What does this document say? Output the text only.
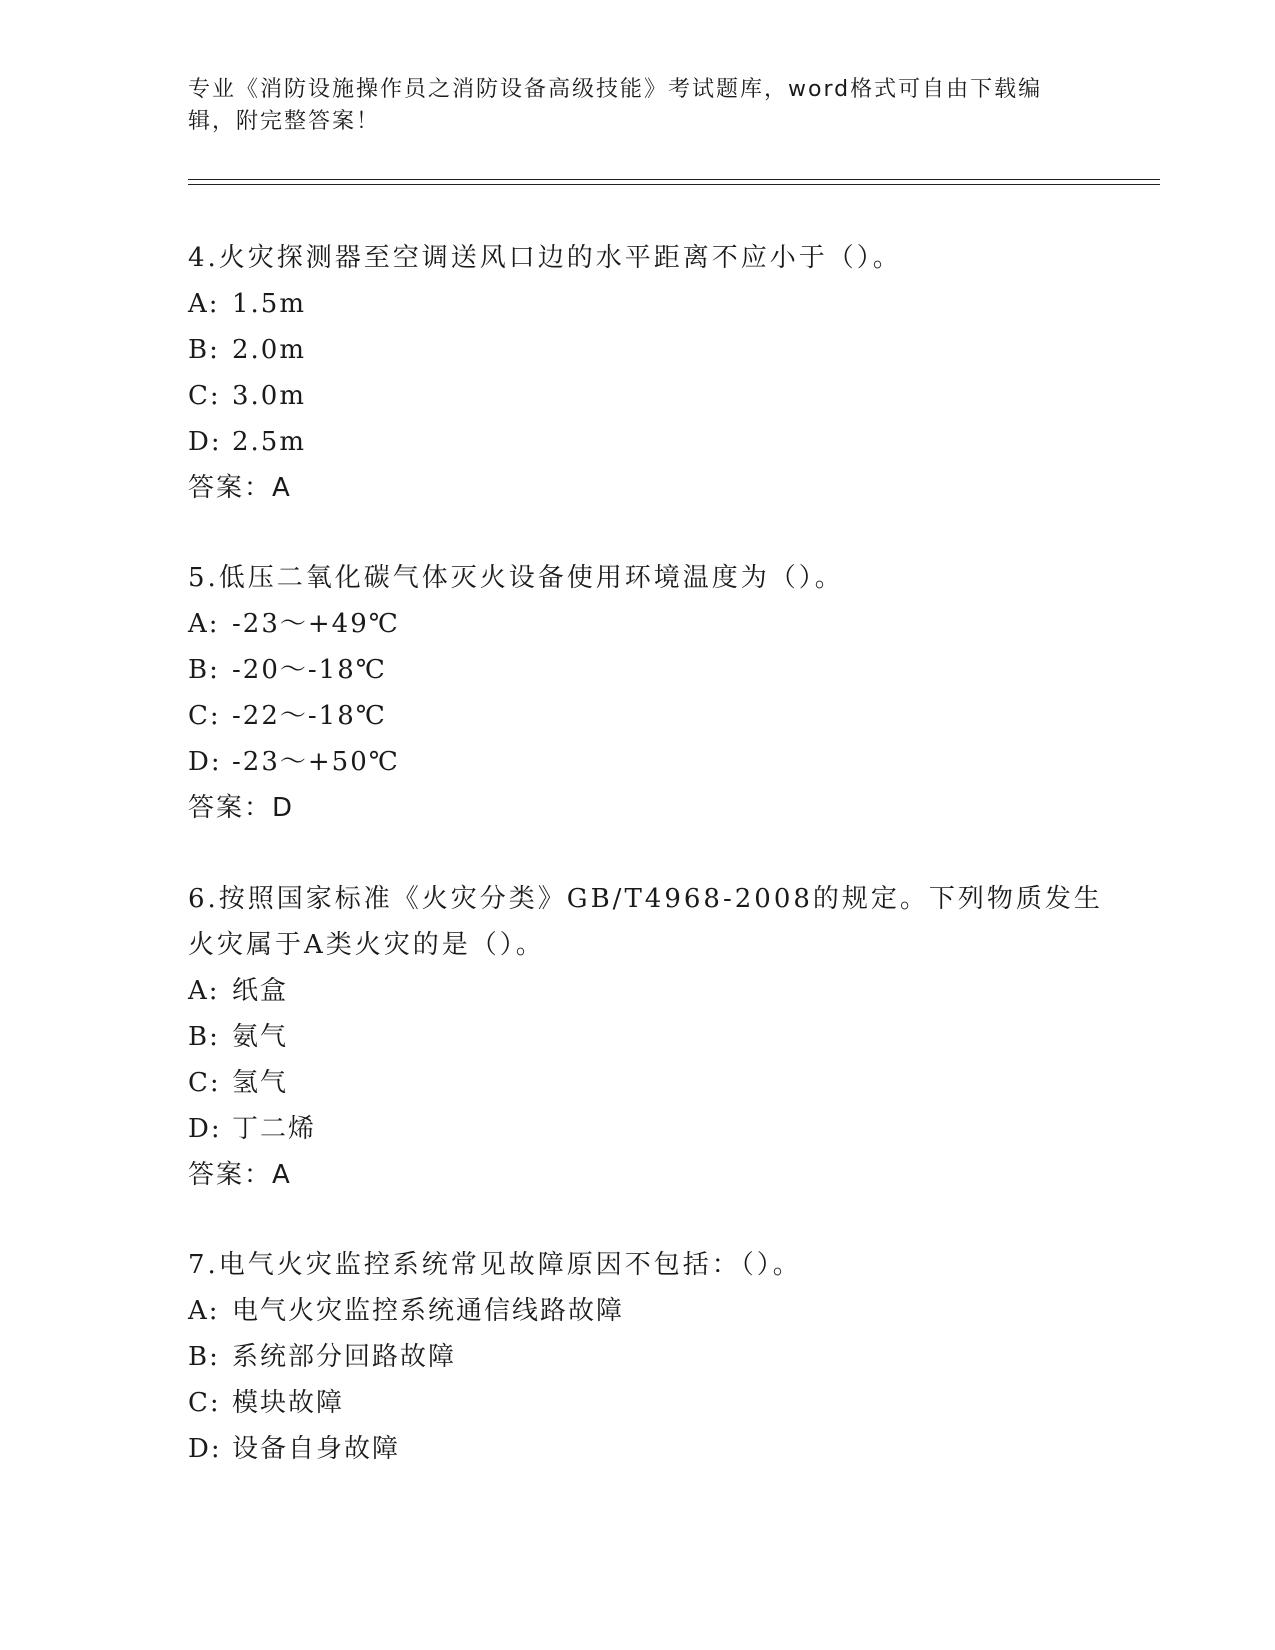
专业《消防设施操作员之消防设备高级技能》考试题库，word格式可自由下载编辑，附完整答案！

4.火灾探测器至空调送风口边的水平距离不应小于（）。

A: 1.5m
B: 2.0m
C: 3.0m
D: 2.5m
答案：A

5.低压二氧化碳气体灭火设备使用环境温度为（）。

A: -23～+49℃
B: -20～-18℃
C: -22～-18℃
D: -23～+50℃
答案：D

6.按照国家标准《火灾分类》GB/T4968-2008的规定。下列物质发生火灾属于A类火灾的是（）。

A: 纸盒
B: 氨气
C: 氢气
D: 丁二烯
答案：A

7.电气火灾监控系统常见故障原因不包括：（）。

A: 电气火灾监控系统通信线路故障
B: 系统部分回路故障
C: 模块故障
D: 设备自身故障
